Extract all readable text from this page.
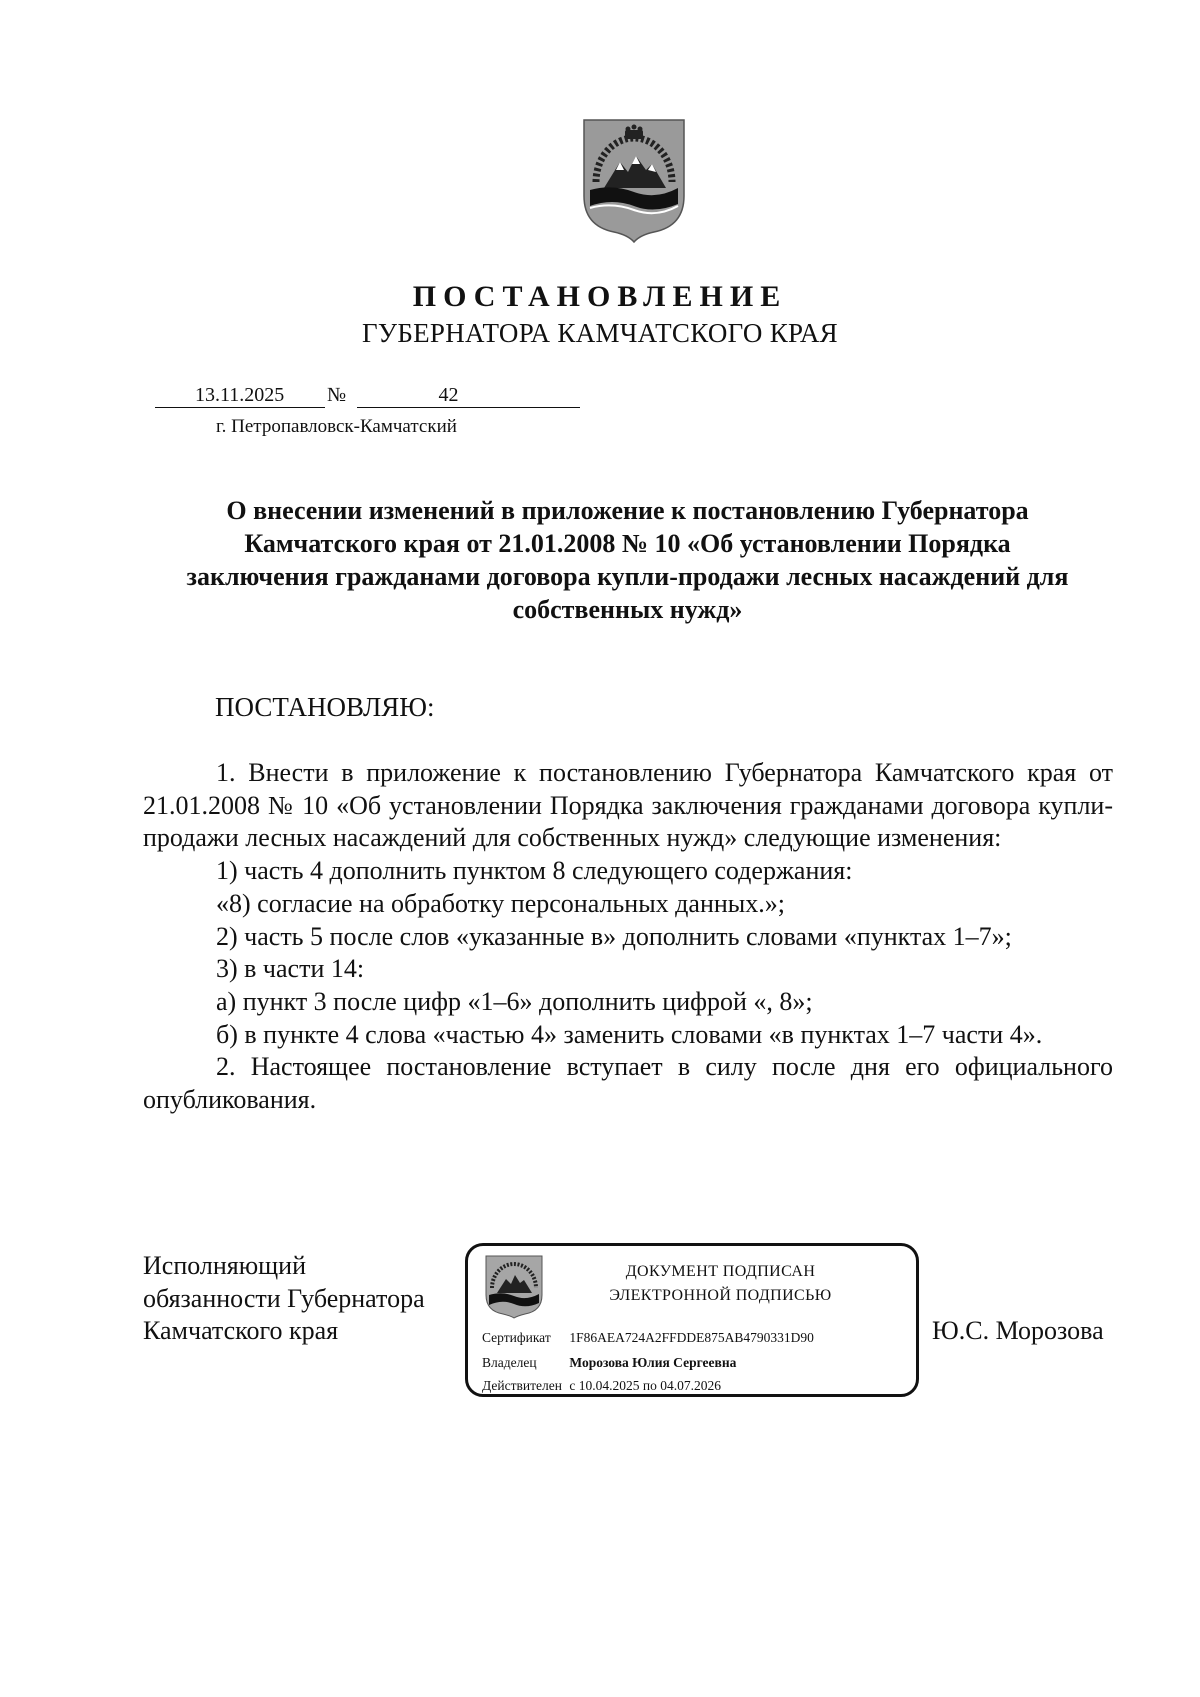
ПОСТАНОВЛЕНИЕ
ГУБЕРНАТОРА КАМЧАТСКОГО КРАЯ
13.11.2025	№	42
г. Петропавловск-Камчатский
О внесении изменений в приложение к постановлению Губернатора
Камчатского края от 21.01.2008 № 10 «Об установлении Порядка
заключения гражданами договора купли-продажи лесных насаждений для
собственных нужд»
ПОСТАНОВЛЯЮ:

1. Внести в приложение к постановлению Губернатора Камчатского края от 21.01.2008 № 10 «Об установлении Порядка заключения гражданами договора купли-продажи лесных насаждений для собственных нужд» следующие изменения:

1) часть 4 дополнить пунктом 8 следующего содержания:

«8) согласие на обработку персональных данных.»;

2) часть 5 после слов «указанные в» дополнить словами «пунктах 1–7»;

3) в части 14:

а) пункт 3 после цифр «1–6» дополнить цифрой «, 8»;

б) в пункте 4 слова «частью 4» заменить словами «в пунктах 1–7 части 4».

2. Настоящее постановление вступает в силу после дня его официального опубликования.

Исполняющий
обязанности Губернатора
Камчатского края
ДОКУМЕНТ ПОДПИСАН
ЭЛЕКТРОННОЙ ПОДПИСЬЮ
Сертификат 1F86AEA724A2FFDDE875AB4790331D90
Владелец Морозова Юлия Сергеевна
Действителен с 10.04.2025 по 04.07.2026
Ю.С. Морозова
